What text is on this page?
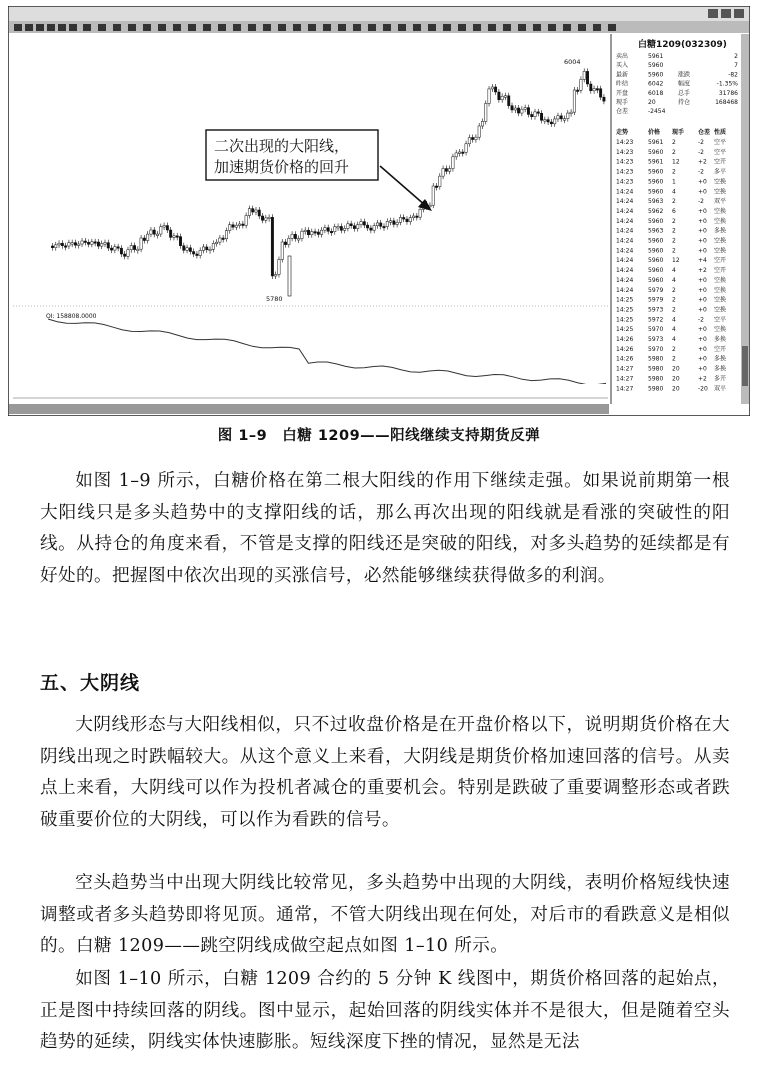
6004
5780
OI: 158808.0000
二次出现的大阳线，
加速期货价格的回升
白糖1209(032309)
卖出	5961	2
买入	5960	7
最新	5960 涨跌	-82
昨结	6042 幅度	-1.35%
开盘	6018 总手	31786
现手	20	持仓	168468
仓差	-2454
走势	价格 现手 仓差 性质
14:23 5961 2	-2 空平
14:23 5960 2	-2 空平
14:23 5961 12	+2 空开
14:23 5960 2	-2 多平
14:23 5960 1	+0 空换
14:24 5960 4	+0 空换
14:24 5963 2	-2 双平
14:24 5962 6	+0 空换
14:24 5960 2	+0 空换
14:24 5963 2	+0 多换
14:24 5960 2	+0 空换
14:24 5960 2	+0 空换
14:24 5960 12	+4 空开
14:24 5960 4	+2 空开
14:24 5960 4	+0 空换
14:24 5979 2	+0 空换
14:25 5979 2	+0 空换
14:25 5973 2	+0 空换
14:25 5972 4	-2 空平
14:25 5970 4	+0 空换
14:26 5973 4	+0 多换
14:26 5970 2	+0 空开
14:26 5980 2	+0 多换
14:27 5980 20	+0 多换
14:27 5980 20	+2 多开
14:27 5980 20	-20 双平
图 1–9　白糖 1209——阳线继续支持期货反弹

如图 1–9 所示，白糖价格在第二根大阳线的作用下继续走强。如果说前期第一根大阳线只是多头趋势中的支撑阳线的话，那么再次出现的阳线就是看涨的突破性的阳线。从持仓的角度来看，不管是支撑的阳线还是突破的阳线，对多头趋势的延续都是有好处的。把握图中依次出现的买涨信号，必然能够继续获得做多的利润。

五、大阴线

大阴线形态与大阳线相似，只不过收盘价格是在开盘价格以下，说明期货价格在大阴线出现之时跌幅较大。从这个意义上来看，大阴线是期货价格加速回落的信号。从卖点上来看，大阴线可以作为投机者减仓的重要机会。特别是跌破了重要调整形态或者跌破重要价位的大阴线，可以作为看跌的信号。

空头趋势当中出现大阴线比较常见，多头趋势中出现的大阴线，表明价格短线快速调整或者多头趋势即将见顶。通常，不管大阴线出现在何处，对后市的看跌意义是相似的。白糖 1209——跳空阴线成做空起点如图 1–10 所示。

如图 1–10 所示，白糖 1209 合约的 5 分钟 K 线图中，期货价格回落的起始点，正是图中持续回落的阴线。图中显示，起始回落的阴线实体并不是很大，但是随着空头趋势的延续，阴线实体快速膨胀。短线深度下挫的情况，显然是无法
